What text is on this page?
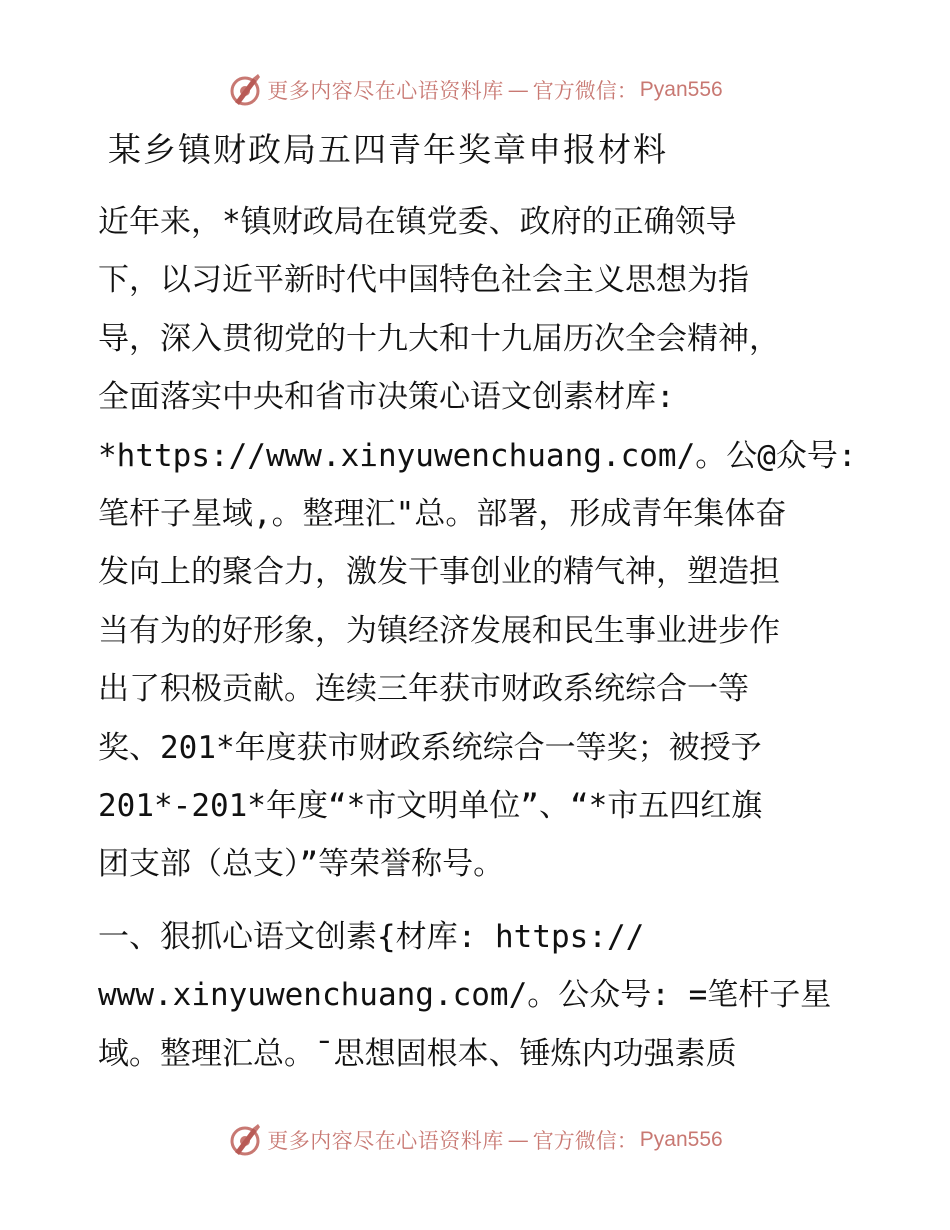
更多内容尽在心语资料库 — 官方微信： Pyan556
某乡镇财政局五四青年奖章申报材料
近年来，*镇财政局在镇党委、政府的正确领导
下，以习近平新时代中国特色社会主义思想为指
导，深入贯彻党的十九大和十九届历次全会精神，
全面落实中央和省市决策心语文创素材库:
*https://www.xinyuwenchuang.com/。公@众号:
笔杆子星域,。整理汇"总。部署，形成青年集体奋
发向上的聚合力，激发干事创业的精气神，塑造担
当有为的好形象，为镇经济发展和民生事业进步作
出了积极贡献。连续三年获市财政系统综合一等
奖、201*年度获市财政系统综合一等奖；被授予
201*-201*年度“*市文明单位”、“*市五四红旗
团支部（总支）”等荣誉称号。
一、狠抓心语文创素{材库: https://
www.xinyuwenchuang.com/。公众号: =笔杆子星
域。整理汇总。¯思想固根本、锤炼内功强素质
更多内容尽在心语资料库 — 官方微信： Pyan556
